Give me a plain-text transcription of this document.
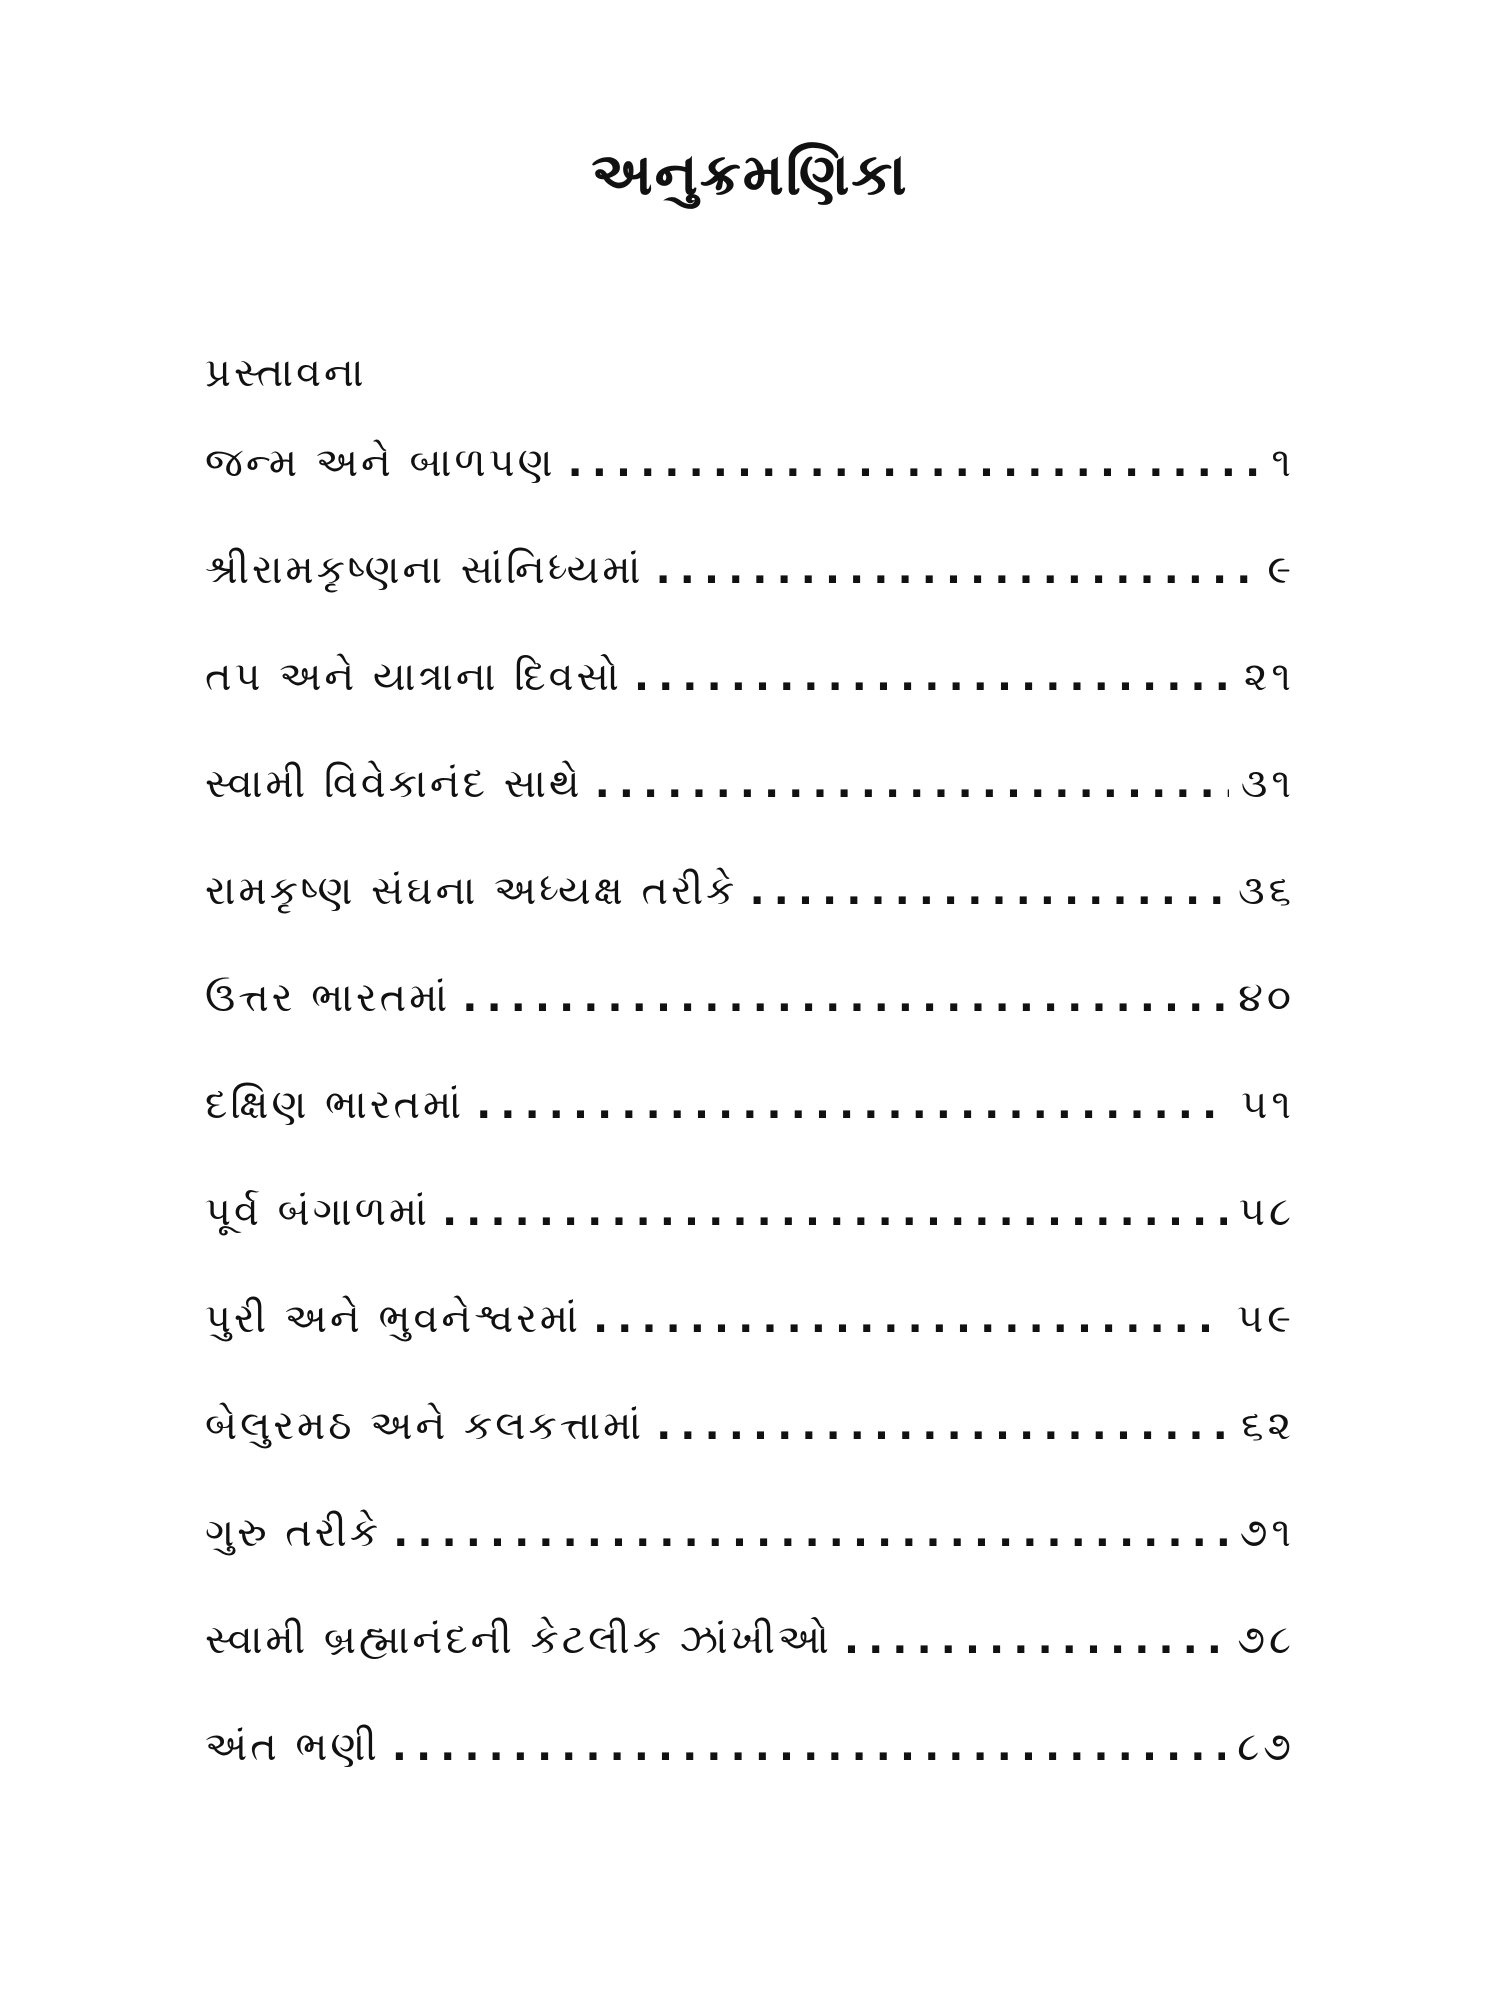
અનુક્રમણિકા
પ્રસ્તાવના
જન્મ અને બાળપણ .....	૧
શ્રીરામકૃષ્ણના સાંનિધ્યમાં .....	૯
તપ અને યાત્રાના દિવસો .....	૨૧
સ્વામી વિવેકાનંદ સાથે .....	૩૧
રામકૃષ્ણ સંઘના અધ્યક્ષ તરીકે .....	૩૬
ઉત્તર ભારતમાં .....	૪૦
દક્ષિણ ભારતમાં .....	૫૧
પૂર્વ બંગાળમાં .....	૫૮
પુરી અને ભુવનેશ્વરમાં .....	૫૯
બેલુરમઠ અને કલકત્તામાં .....	૬૨
ગુરુ તરીકે .....	૭૧
સ્વામી બ્રહ્માનંદની કેટલીક ઝાંખીઓ .....	૭૮
અંત ભણી .....	૮૭
